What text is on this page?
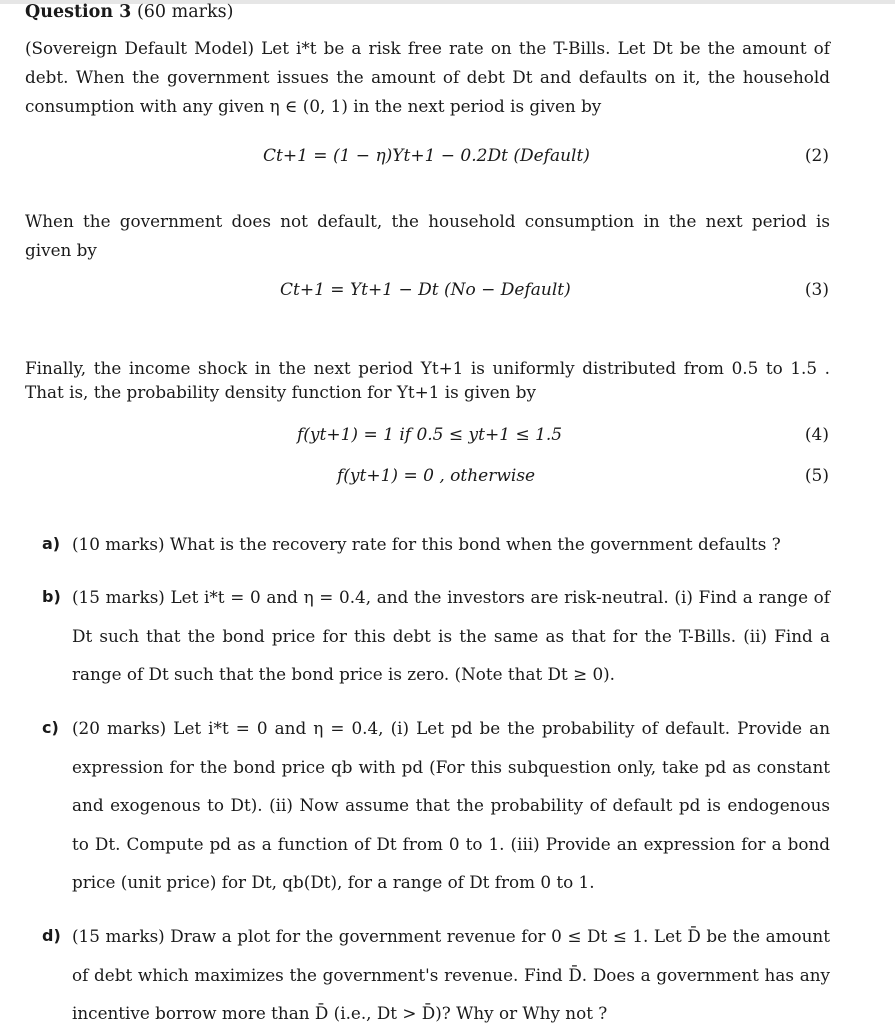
Question 3 (60 marks)
(Sovereign Default Model) Let i*t be a risk free rate on the T-Bills. Let Dt be the amount of debt. When the government issues the amount of debt Dt and defaults on it, the household consumption with any given η ∈ (0, 1) in the next period is given by
Ct+1 = (1 − η)Yt+1 − 0.2Dt (Default)	(2)
When the government does not default, the household consumption in the next period is given by
Ct+1 = Yt+1 − Dt (No − Default)	(3)
Finally, the income shock in the next period Yt+1 is uniformly distributed from 0.5 to 1.5 . That is, the probability density function for Yt+1 is given by
f(yt+1) = 1 if 0.5 ≤ yt+1 ≤ 1.5	(4)
f(yt+1) = 0 , otherwise	(5)
a) (10 marks) What is the recovery rate for this bond when the government defaults ?
b) (15 marks) Let i*t = 0 and η = 0.4, and the investors are risk-neutral. (i) Find a range of Dt such that the bond price for this debt is the same as that for the T-Bills. (ii) Find a range of Dt such that the bond price is zero. (Note that Dt ≥ 0).
c) (20 marks) Let i*t = 0 and η = 0.4, (i) Let pd be the probability of default. Provide an expression for the bond price qb with pd (For this subquestion only, take pd as constant and exogenous to Dt). (ii) Now assume that the probability of default pd is endogenous to Dt. Compute pd as a function of Dt from 0 to 1. (iii) Provide an expression for a bond price (unit price) for Dt, qb(Dt), for a range of Dt from 0 to 1.
d) (15 marks) Draw a plot for the government revenue for 0 ≤ Dt ≤ 1. Let D̄ be the amount of debt which maximizes the government's revenue. Find D̄. Does a government has any incentive borrow more than D̄ (i.e., Dt > D̄)? Why or Why not ?
